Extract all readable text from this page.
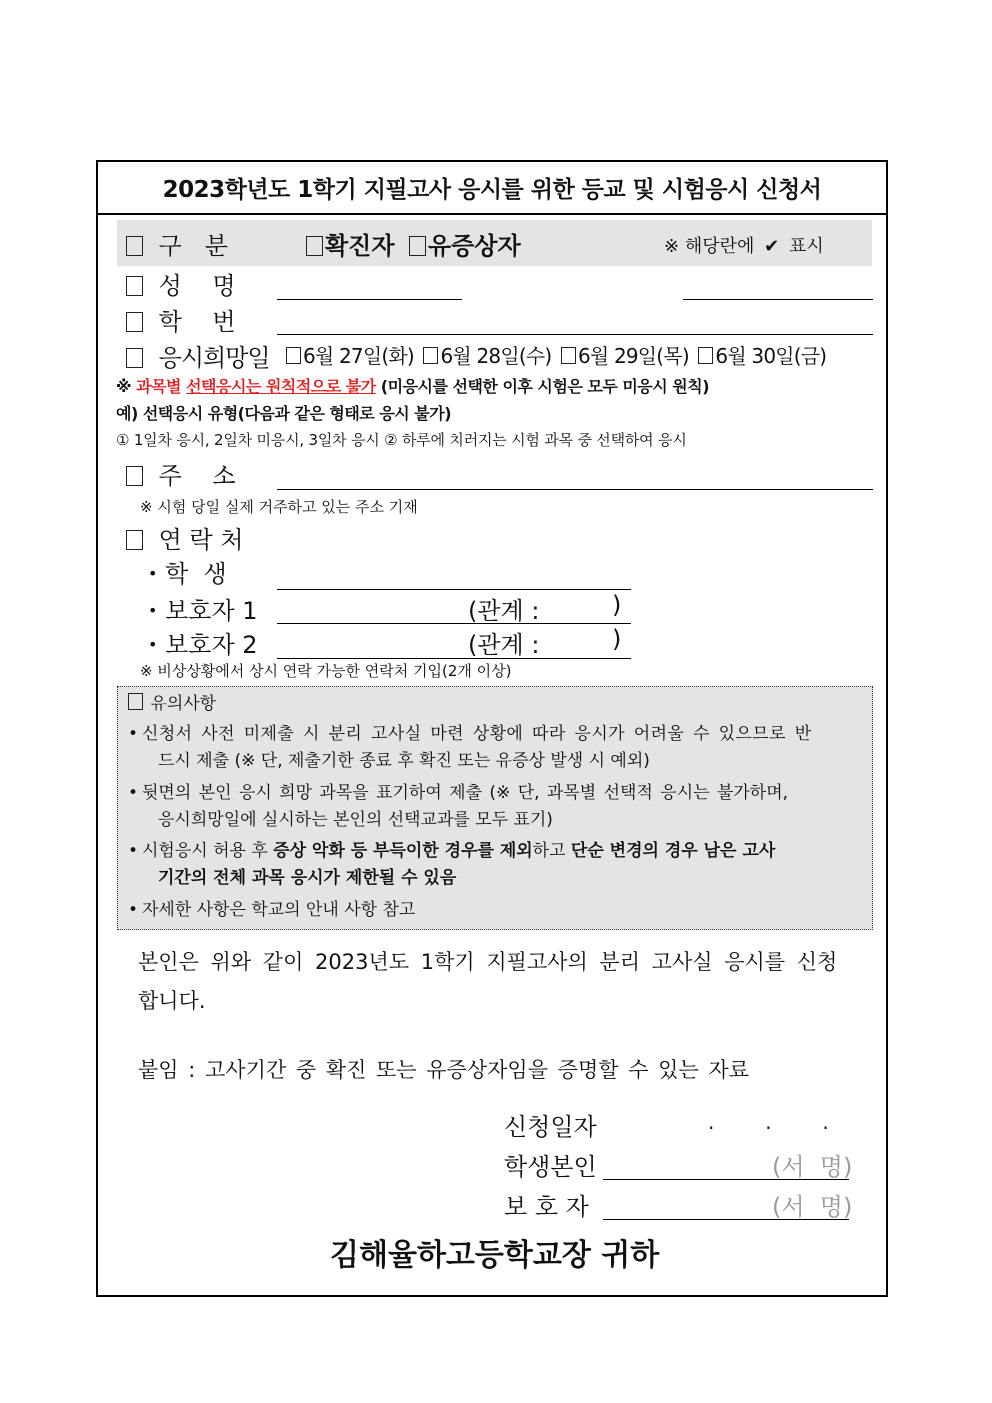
2023학년도 1학기 지필고사 응시를 위한 등교 및 시험응시 신청서
구   분	확진자 유증상자	※ 해당란에 ✔ 표시
성    명
학    번
응시희망일	6월 27일(화) 6월 28일(수) 6월 29일(목) 6월 30일(금)
※ 과목별 선택응시는 원칙적으로 불가 (미응시를 선택한 이후 시험은 모두 미응시 원칙)
예) 선택응시 유형(다음과 같은 형태로 응시 불가)
① 1일차 응시, 2일차 미응시, 3일차 응시 ② 하루에 치러지는 시험 과목 중 선택하여 응시
주    소
※ 시험 당일 실제 거주하고 있는 주소 기재
연 락 처
• 학  생
• 보호자 1	(관계 :	)
• 보호자 2	(관계 :	)
※ 비상상황에서 상시 연락 가능한 연락처 기입(2개 이상)
유의사항
• 신청서 사전 미제출 시 분리 고사실 마련 상황에 따라 응시가 어려울 수 있으므로 반
드시 제출 (※ 단, 제출기한 종료 후 확진 또는 유증상 발생 시 예외)
• 뒷면의 본인 응시 희망 과목을 표기하여 제출 (※ 단, 과목별 선택적 응시는 불가하며,
응시희망일에 실시하는 본인의 선택교과를 모두 표기)
• 시험응시 허용 후 증상 악화 등 부득이한 경우를 제외하고 단순 변경의 경우 남은 고사
기간의 전체 과목 응시가 제한될 수 있음
• 자세한 사항은 학교의 안내 사항 참고
본인은 위와 같이 2023년도 1학기 지필고사의 분리 고사실 응시를 신청
합니다.
붙임 : 고사기간 중 확진 또는 유증상자임을 증명할 수 있는 자료
신청일자	.        .        .
학생본인	(서  명)
보 호 자	(서  명)
김해율하고등학교장 귀하
